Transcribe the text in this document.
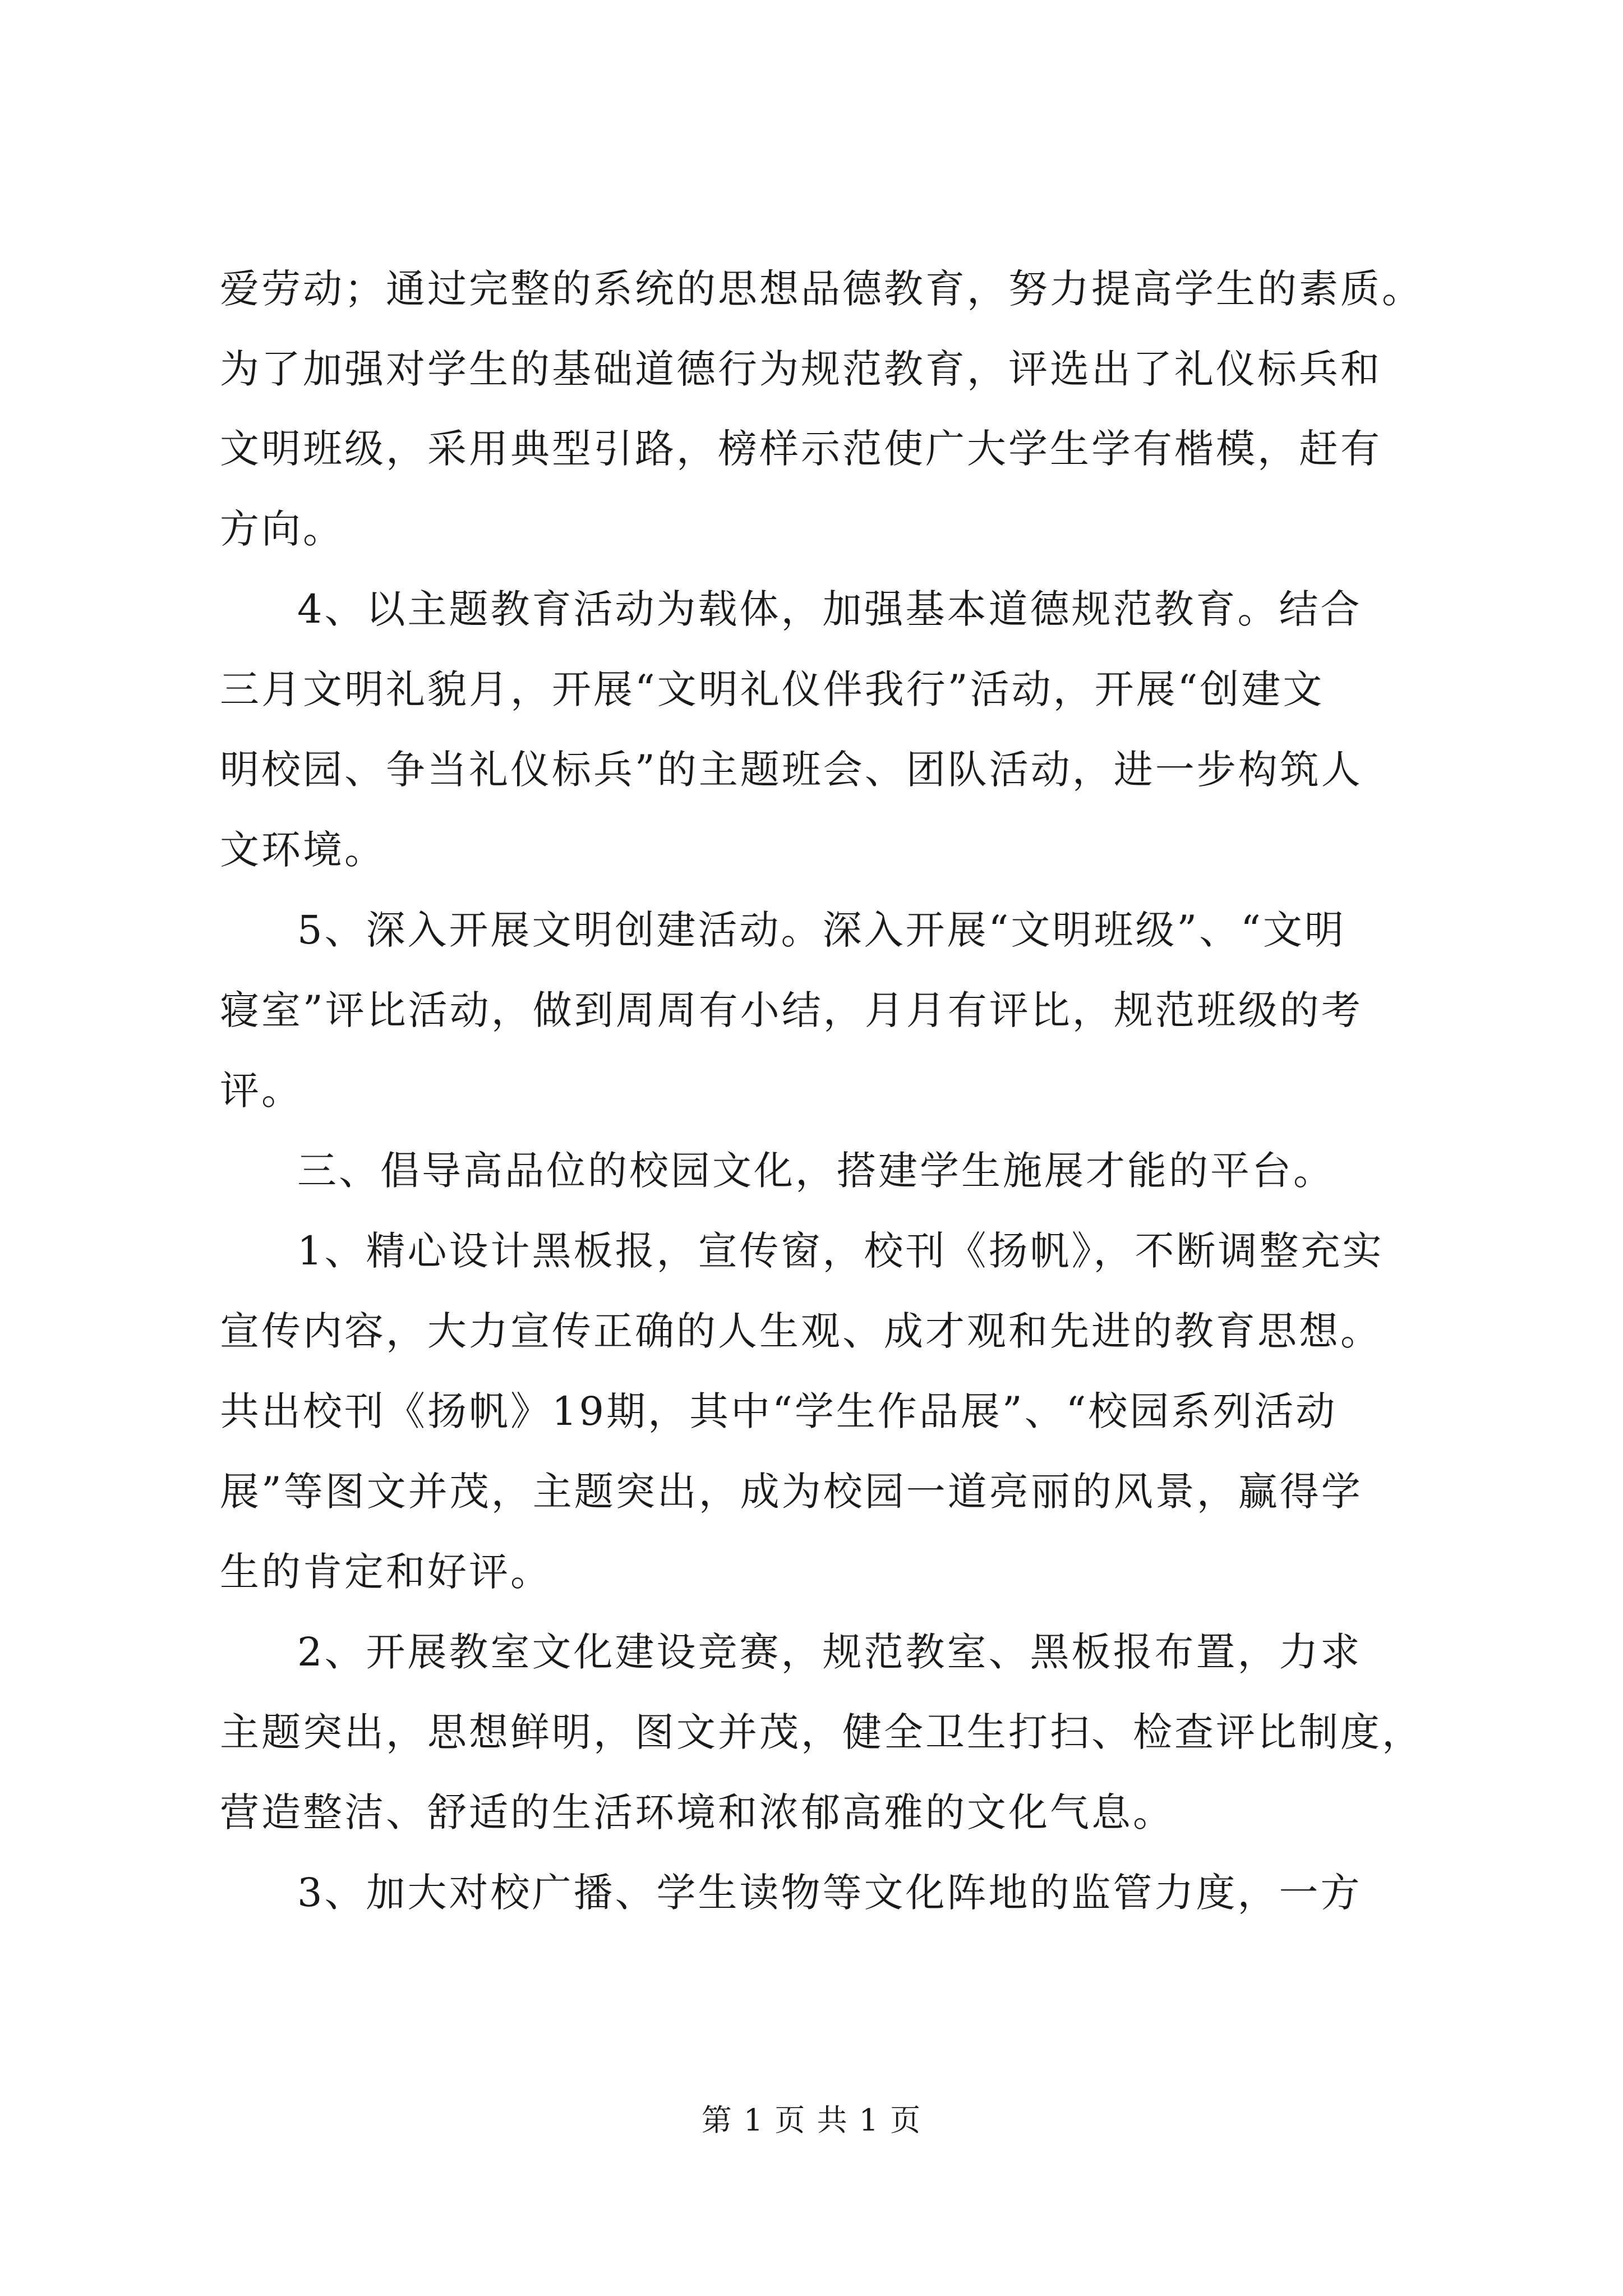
爱劳动；通过完整的系统的思想品德教育，努力提高学生的素质。
为了加强对学生的基础道德行为规范教育，评选出了礼仪标兵和
文明班级，采用典型引路，榜样示范使广大学生学有楷模，赶有
方向。
4、以主题教育活动为载体，加强基本道德规范教育。结合
三月文明礼貌月，开展“文明礼仪伴我行”活动，开展“创建文
明校园、争当礼仪标兵”的主题班会、团队活动，进一步构筑人
文环境。
5、深入开展文明创建活动。深入开展“文明班级”、“文明
寝室”评比活动，做到周周有小结，月月有评比，规范班级的考
评。
三、倡导高品位的校园文化，搭建学生施展才能的平台。
1、精心设计黑板报，宣传窗，校刊《扬帆》，不断调整充实
宣传内容，大力宣传正确的人生观、成才观和先进的教育思想。
共出校刊《扬帆》19期，其中“学生作品展”、“校园系列活动
展”等图文并茂，主题突出，成为校园一道亮丽的风景，赢得学
生的肯定和好评。
2、开展教室文化建设竞赛，规范教室、黑板报布置，力求
主题突出，思想鲜明，图文并茂，健全卫生打扫、检查评比制度，
营造整洁、舒适的生活环境和浓郁高雅的文化气息。
3、加大对校广播、学生读物等文化阵地的监管力度，一方
第 1 页 共 1 页
